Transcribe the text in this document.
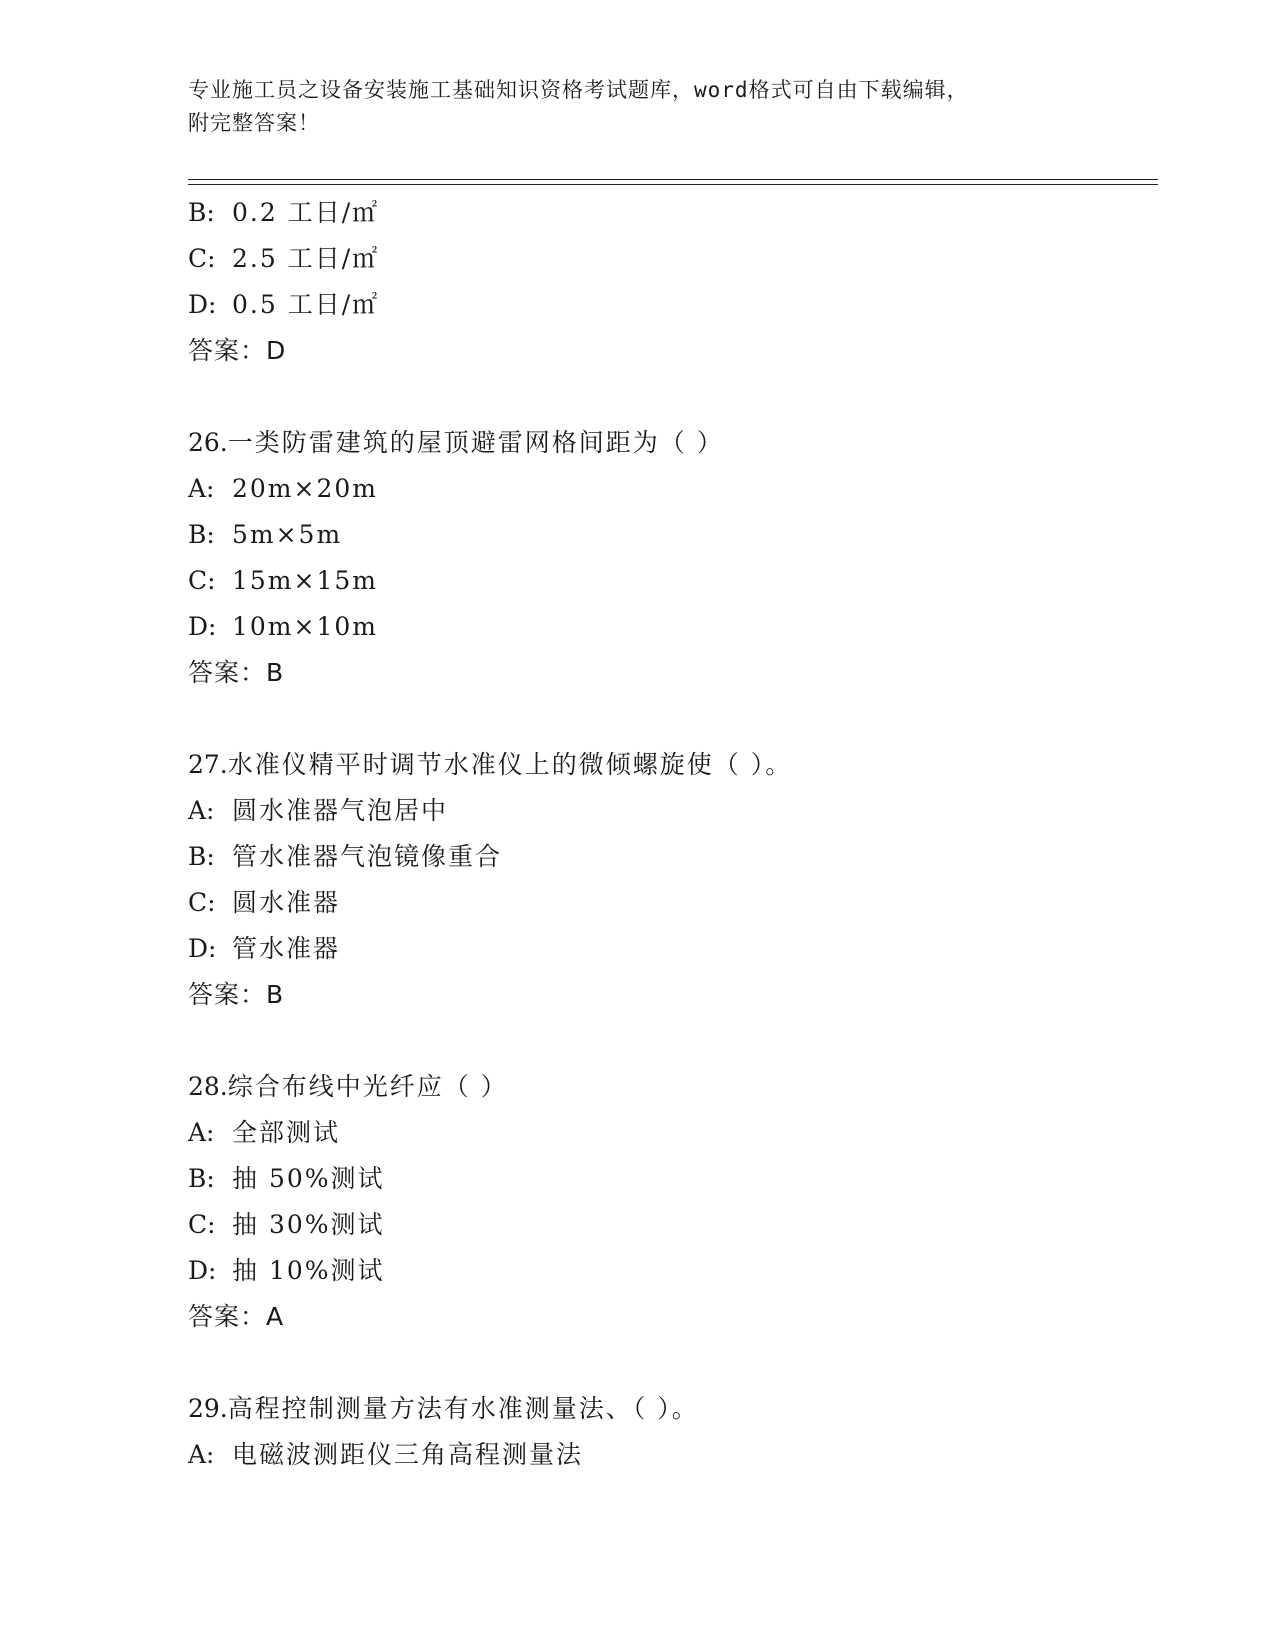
专业施工员之设备安装施工基础知识资格考试题库，word格式可自由下载编辑，
附完整答案！
B: 0.2 工日/㎡
C: 2.5 工日/㎡
D: 0.5 工日/㎡
答案：D
26.一类防雷建筑的屋顶避雷网格间距为（ ）
A: 20m×20m
B: 5m×5m
C: 15m×15m
D: 10m×10m
答案：B
27.水准仪精平时调节水准仪上的微倾螺旋使（ ）。
A: 圆水准器气泡居中
B: 管水准器气泡镜像重合
C: 圆水准器
D: 管水准器
答案：B
28.综合布线中光纤应（ ）
A: 全部测试
B: 抽 50%测试
C: 抽 30%测试
D: 抽 10%测试
答案：A
29.高程控制测量方法有水准测量法、（ ）。
A: 电磁波测距仪三角高程测量法
